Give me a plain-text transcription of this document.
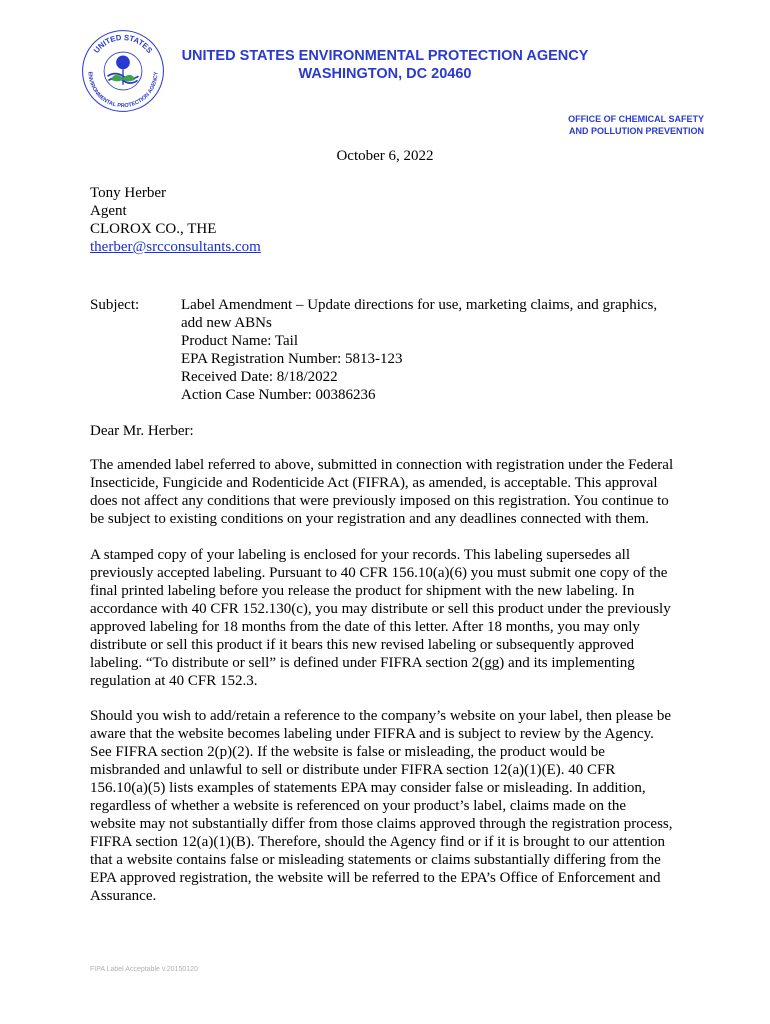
UNITED STATES
ENVIRONMENTAL PROTECTION AGENCY
UNITED STATES ENVIRONMENTAL PROTECTION AGENCY
WASHINGTON, DC 20460
OFFICE OF CHEMICAL SAFETY
AND POLLUTION PREVENTION
October 6, 2022
Tony Herber
Agent
CLOROX CO., THE
therber@srcconsultants.com
Subject:	Label Amendment – Update directions for use, marketing claims, and graphics,
add new ABNs
Product Name: Tail
EPA Registration Number: 5813-123
Received Date: 8/18/2022
Action Case Number: 00386236
Dear Mr. Herber:
The amended label referred to above, submitted in connection with registration under the Federal
Insecticide, Fungicide and Rodenticide Act (FIFRA), as amended, is acceptable. This approval
does not affect any conditions that were previously imposed on this registration. You continue to
be subject to existing conditions on your registration and any deadlines connected with them.
A stamped copy of your labeling is enclosed for your records. This labeling supersedes all
previously accepted labeling. Pursuant to 40 CFR 156.10(a)(6) you must submit one copy of the
final printed labeling before you release the product for shipment with the new labeling. In
accordance with 40 CFR 152.130(c), you may distribute or sell this product under the previously
approved labeling for 18 months from the date of this letter. After 18 months, you may only
distribute or sell this product if it bears this new revised labeling or subsequently approved
labeling. “To distribute or sell” is defined under FIFRA section 2(gg) and its implementing
regulation at 40 CFR 152.3.
Should you wish to add/retain a reference to the company’s website on your label, then please be
aware that the website becomes labeling under FIFRA and is subject to review by the Agency.
See FIFRA section 2(p)(2). If the website is false or misleading, the product would be
misbranded and unlawful to sell or distribute under FIFRA section 12(a)(1)(E). 40 CFR
156.10(a)(5) lists examples of statements EPA may consider false or misleading. In addition,
regardless of whether a website is referenced on your product’s label, claims made on the
website may not substantially differ from those claims approved through the registration process,
FIFRA section 12(a)(1)(B). Therefore, should the Agency find or if it is brought to our attention
that a website contains false or misleading statements or claims substantially differing from the
EPA approved registration, the website will be referred to the EPA’s Office of Enforcement and
Assurance.
FIPA Label Acceptable v.20150120
